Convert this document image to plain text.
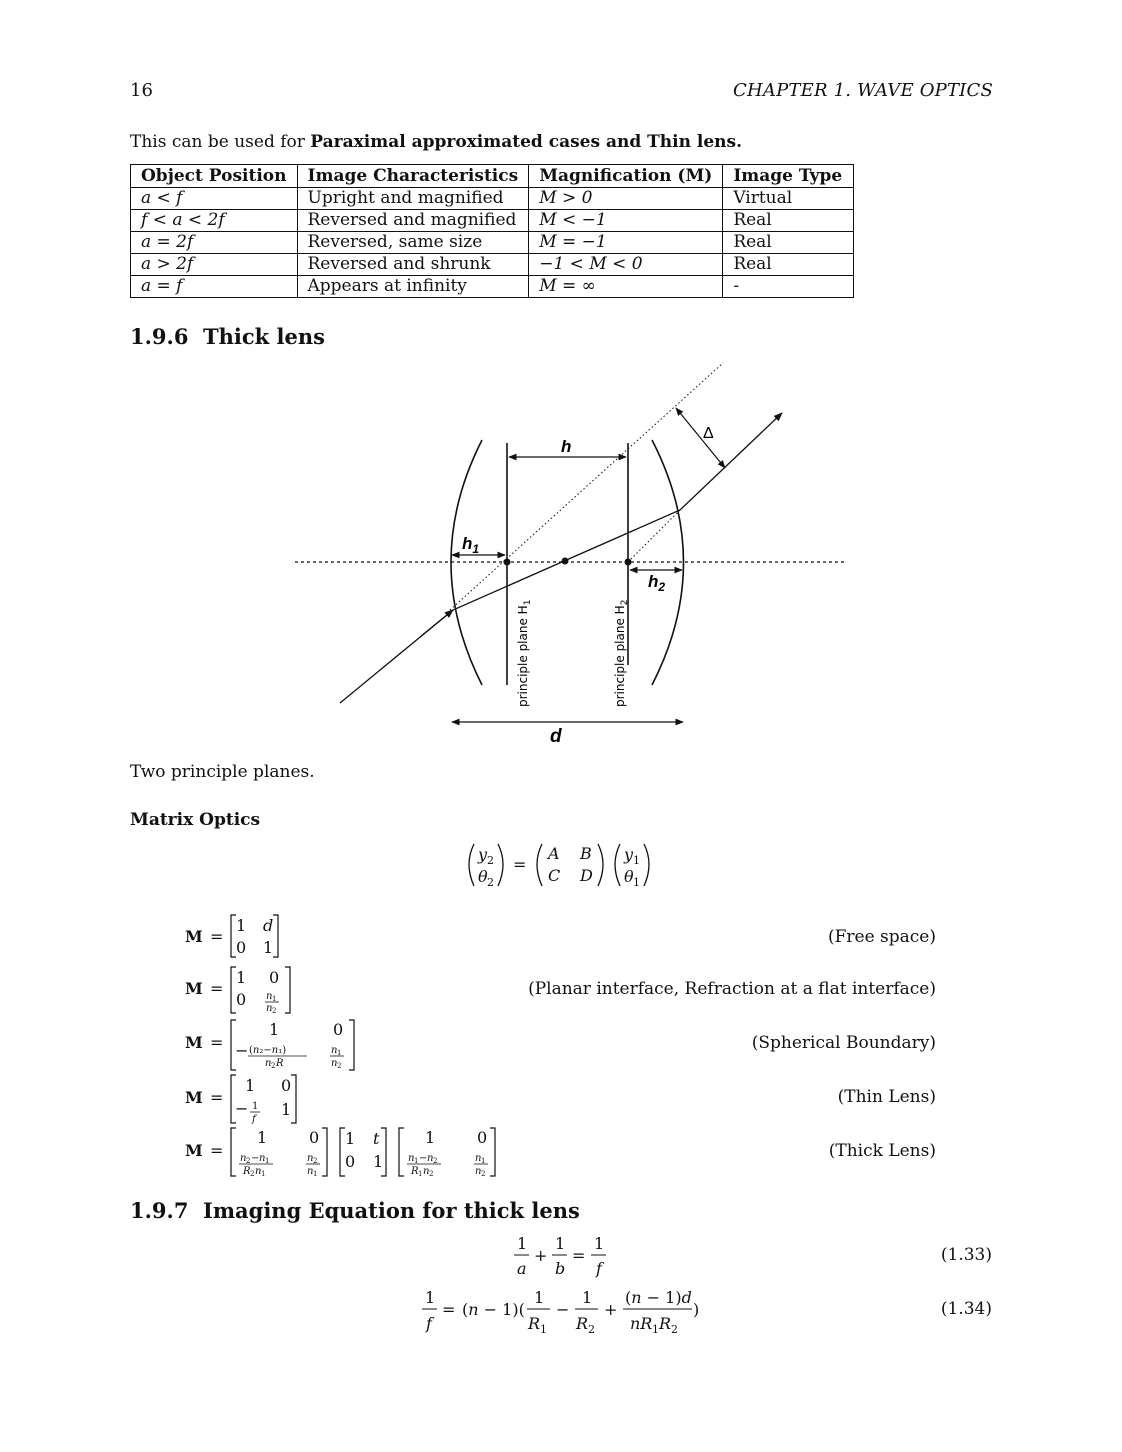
16	CHAPTER 1. WAVE OPTICS
This can be used for Paraximal approximated cases and Thin lens.
Object Position	Image Characteristics	Magnification (M)	Image Type
a < f	Upright and magnified	M > 0	Virtual
f < a < 2f	Reversed and magnified	M < −1	Real
a = 2f	Reversed, same size	M = −1	Real
a > 2f	Reversed and shrunk	−1 < M < 0	Real
a = f	Appears at infinity	M = ∞	-
1.9.6 Thick lens
h
$h_1$
$h_2$
Δ
d
principle plane $H_1$
principle plane $H_2$
Two principle planes.
Matrix Optics
y 2
θ 2
=
A B
C D
y 1
θ 1
M =
1 d
0 1
(Free space)
M =
1 0
0 n 1
n 2
(Planar interface, Refraction at a flat interface)
M =
1	0
− (n₂−n₁)
n 2 R
n 1
n 2
(Spherical Boundary)
M =
1 0
− 1
f
1
(Thin Lens)
M =
1	0
n 2 − n 1
R 2 n 1
n 2
n 1
1 t
0 1
1	0
n 1 − n 2
R 1 n 2
n 1
n 2
(Thick Lens)
1.9.7 Imaging Equation for thick lens
1
a
+
1
b
=
1
f
(1.33)
1
f
= (n − 1)(
1
R 1
−
1
R 2
+
(n − 1)d
nR 1 R 2
)	(1.34)
